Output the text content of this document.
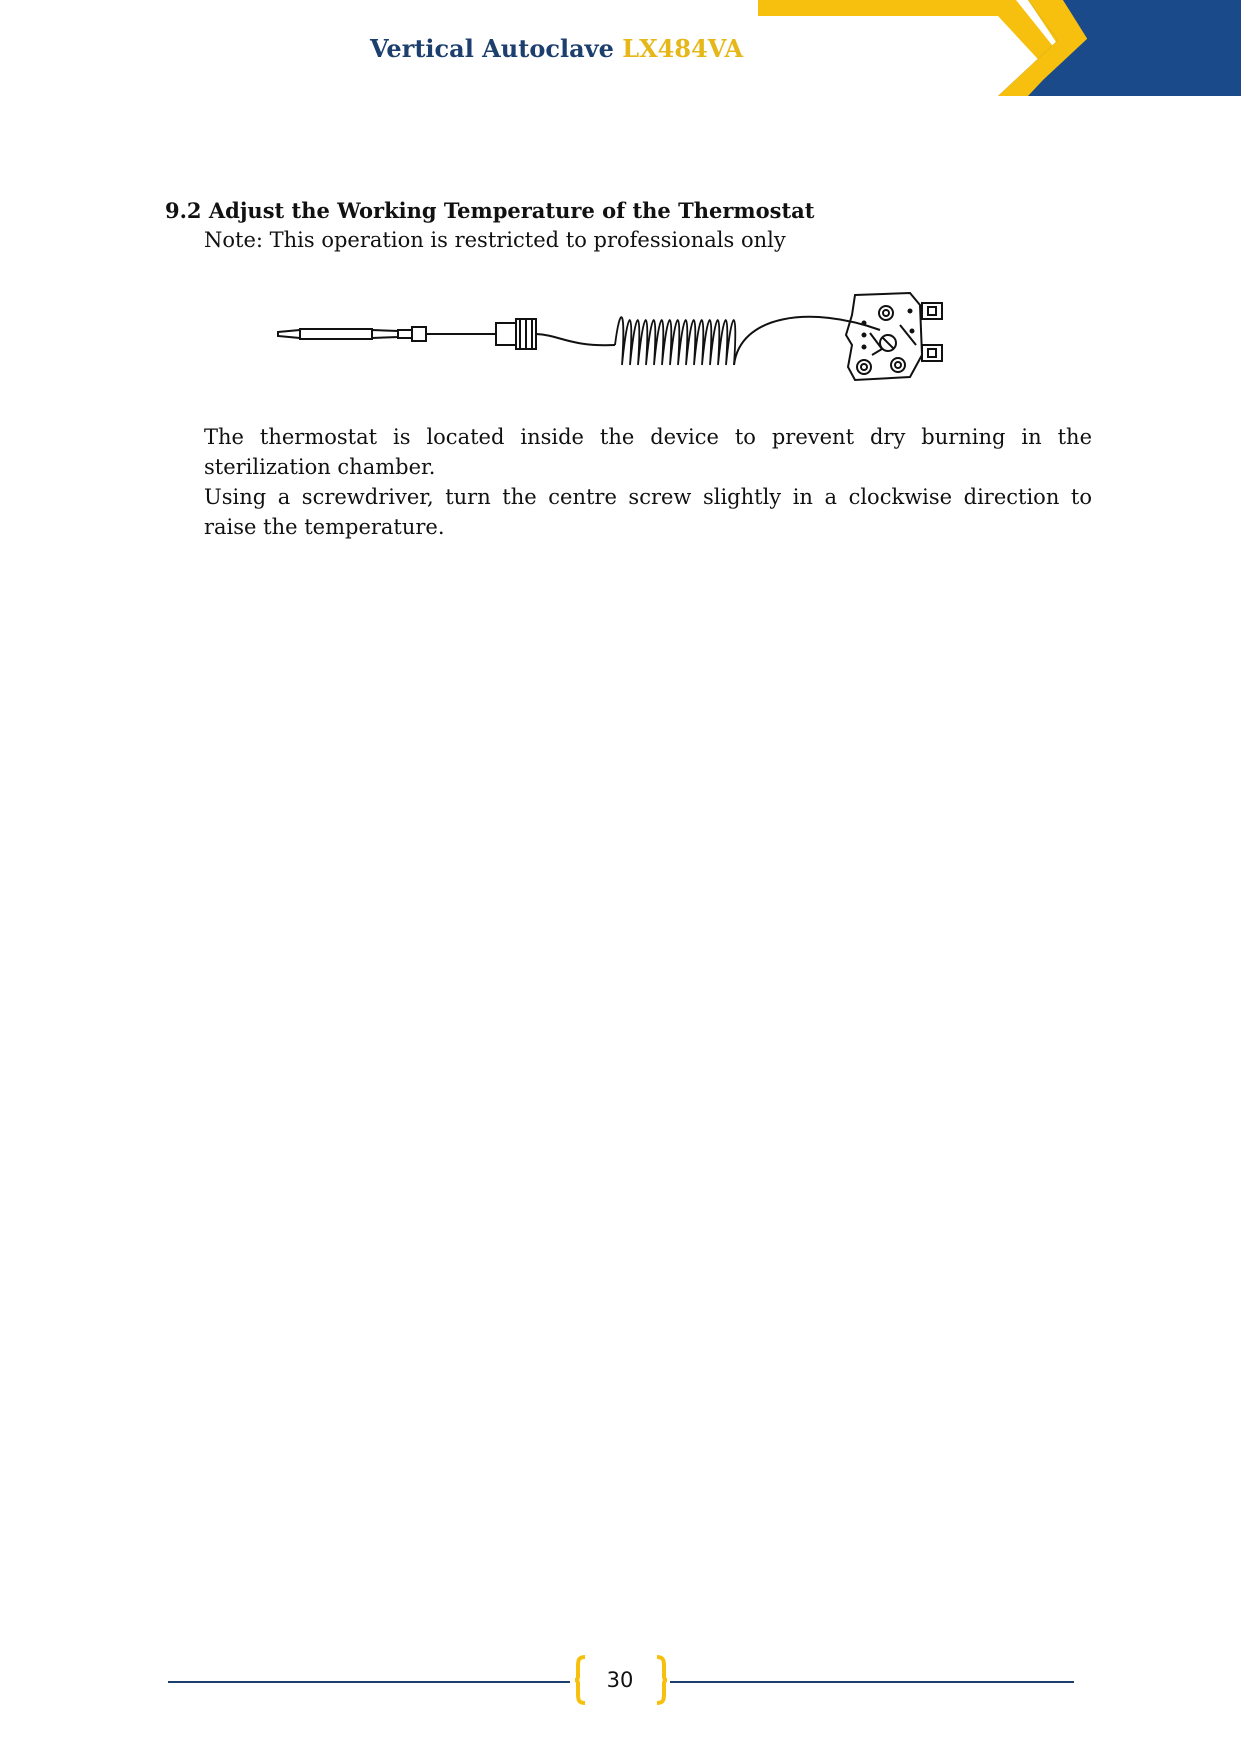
Vertical Autoclave LX484VA
9.2 Adjust the Working Temperature of the Thermostat
Note: This operation is restricted to professionals only
The thermostat is located inside the device to prevent dry burning in the sterilization chamber.
Using a screwdriver, turn the centre screw slightly in a clockwise direction to raise the temperature.
30
